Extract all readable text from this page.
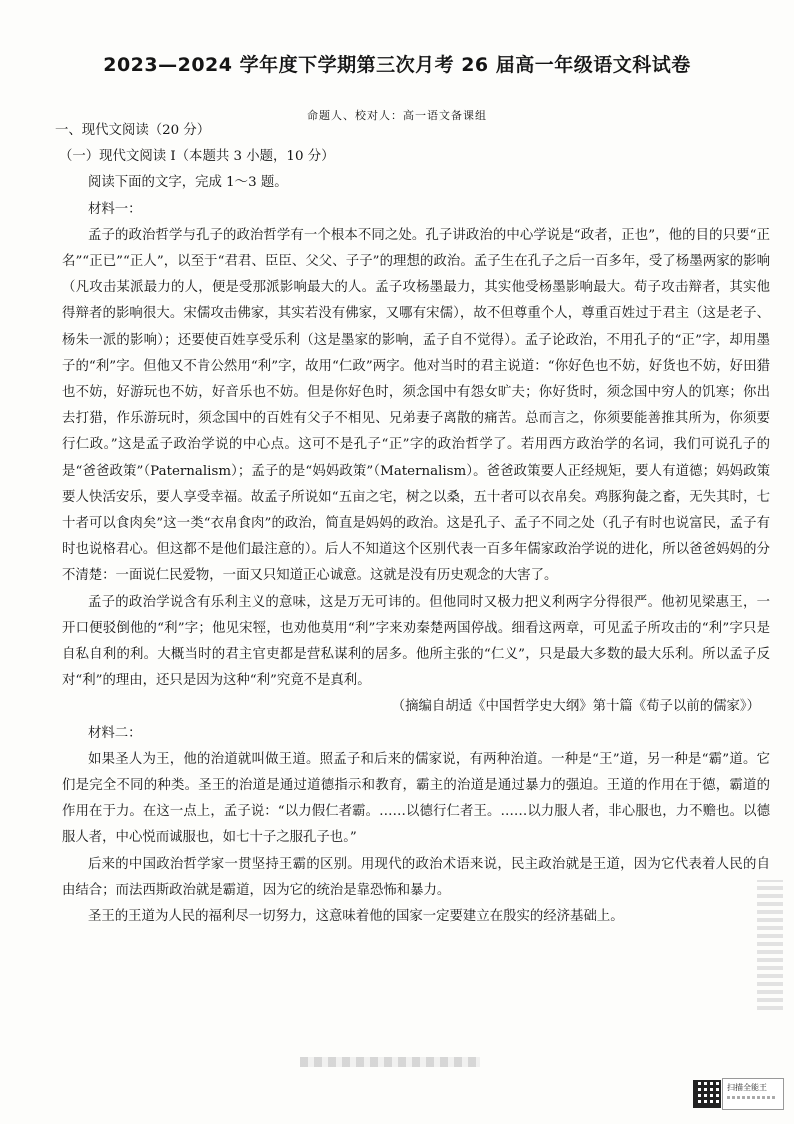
2023—2024 学年度下学期第三次月考 26 届高一年级语文科试卷
命题人、校对人：高一语文备课组

一、现代文阅读（20 分）

（一）现代文阅读 I（本题共 3 小题，10 分）

阅读下面的文字，完成 1～3 题。

材料一：

孟子的政治哲学与孔子的政治哲学有一个根本不同之处。孔子讲政治的中心学说是“政者，正也”，他的目的只要“正名”“正已”“正人”，以至于“君君、臣臣、父父、子子”的理想的政治。孟子生在孔子之后一百多年，受了杨墨两家的影响（凡攻击某派最力的人，便是受那派影响最大的人。孟子攻杨墨最力，其实他受杨墨影响最大。荀子攻击辩者，其实他得辩者的影响很大。宋儒攻击佛家，其实若没有佛家，又哪有宋儒），故不但尊重个人，尊重百姓过于君主（这是老子、杨朱一派的影响）；还要使百姓享受乐利（这是墨家的影响，孟子自不觉得）。孟子论政治，不用孔子的“正”字，却用墨子的“利”字。但他又不肯公然用“利”字，故用“仁政”两字。他对当时的君主说道：“你好色也不妨，好货也不妨，好田猎也不妨，好游玩也不妨，好音乐也不妨。但是你好色时，须念国中有怨女旷夫；你好货时，须念国中穷人的饥寒；你出去打猎，作乐游玩时，须念国中的百姓有父子不相见、兄弟妻子离散的痛苦。总而言之，你须要能善推其所为，你须要行仁政。”这是孟子政治学说的中心点。这可不是孔子“正”字的政治哲学了。若用西方政治学的名词，我们可说孔子的是“爸爸政策”（Paternalism）；孟子的是“妈妈政策”（Maternalism）。爸爸政策要人正经规矩，要人有道德；妈妈政策要人快活安乐，要人享受幸福。故孟子所说如“五亩之宅，树之以桑，五十者可以衣帛矣。鸡豚狗彘之畜，无失其时，七十者可以食肉矣”这一类“衣帛食肉”的政治，简直是妈妈的政治。这是孔子、孟子不同之处（孔子有时也说富民，孟子有时也说格君心。但这都不是他们最注意的）。后人不知道这个区别代表一百多年儒家政治学说的进化，所以爸爸妈妈的分不清楚：一面说仁民爱物，一面又只知道正心诚意。这就是没有历史观念的大害了。

孟子的政治学说含有乐利主义的意味，这是万无可讳的。但他同时又极力把义利两字分得很严。他初见梁惠王，一开口便驳倒他的“利”字；他见宋牼，也劝他莫用“利”字来劝秦楚两国停战。细看这两章，可见孟子所攻击的“利”字只是自私自利的利。大概当时的君主官吏都是营私谋利的居多。他所主张的“仁义”，只是最大多数的最大乐利。所以孟子反对“利”的理由，还只是因为这种“利”究竟不是真利。

（摘编自胡适《中国哲学史大纲》第十篇《荀子以前的儒家》）

材料二：

如果圣人为王，他的治道就叫做王道。照孟子和后来的儒家说，有两种治道。一种是“王”道，另一种是“霸”道。它们是完全不同的种类。圣王的治道是通过道德指示和教育，霸主的治道是通过暴力的强迫。王道的作用在于德，霸道的作用在于力。在这一点上，孟子说：“以力假仁者霸。……以德行仁者王。……以力服人者，非心服也，力不赡也。以德服人者，中心悦而诚服也，如七十子之服孔子也。”

后来的中国政治哲学家一贯坚持王霸的区别。用现代的政治术语来说，民主政治就是王道，因为它代表着人民的自由结合；而法西斯政治就是霸道，因为它的统治是靠恐怖和暴力。

圣王的王道为人民的福利尽一切努力，这意味着他的国家一定要建立在殷实的经济基础上。

扫描全能王
